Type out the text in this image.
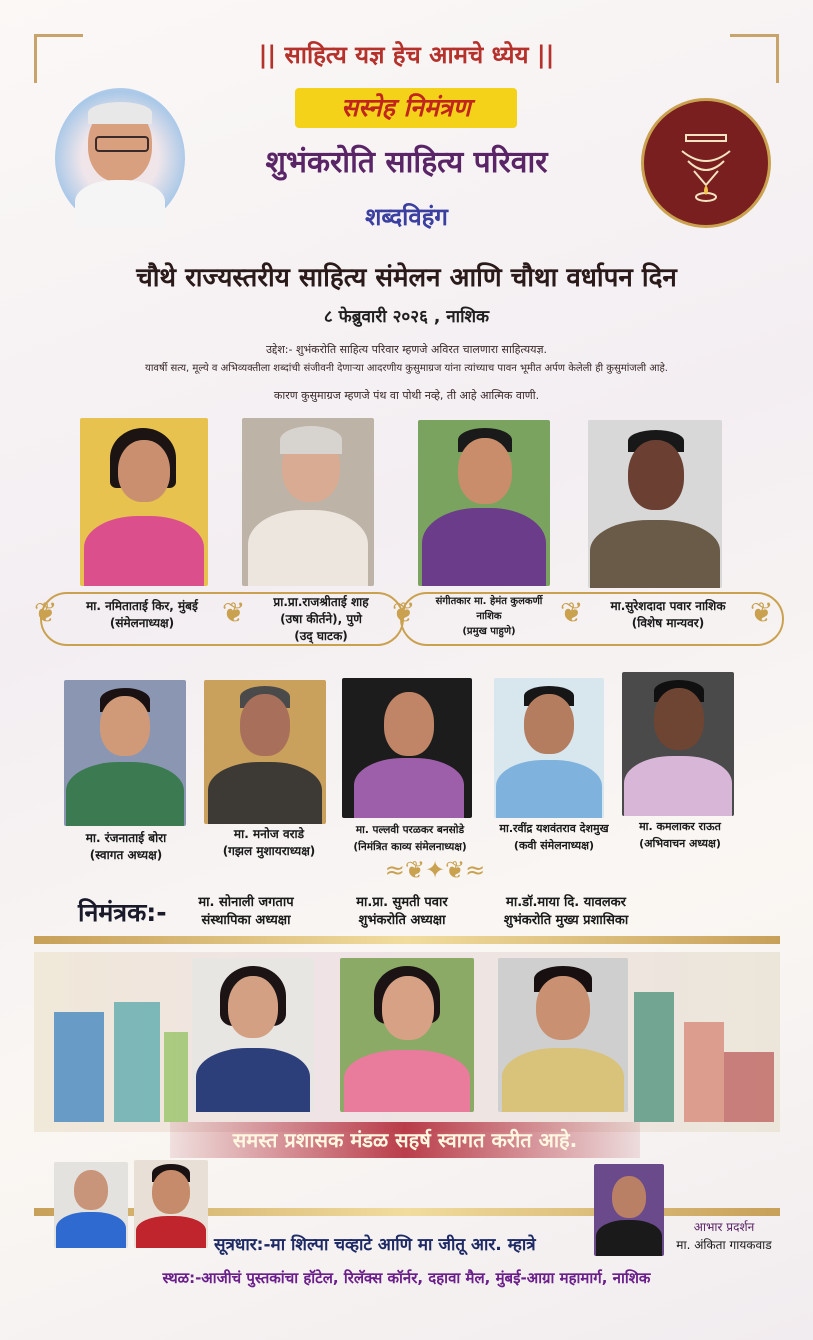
|| साहित्य यज्ञ हेच आमचे ध्येय ||
सस्नेह निमंत्रण
शुभंकरोति साहित्य परिवार
शब्दविहंग
चौथे राज्यस्तरीय साहित्य संमेलन आणि चौथा वर्धापन दिन
८ फेब्रुवारी २०२६ , नाशिक
उद्देश:- शुभंकरोति साहित्य परिवार म्हणजे अविरत चालणारा साहित्ययज्ञ.
यावर्षी सत्य, मूल्ये व अभिव्यक्तीला शब्दांची संजीवनी देणाऱ्या आदरणीय कुसुमाग्रज यांना त्यांच्याच पावन भूमीत अर्पण केलेली ही कुसुमांजली आहे.
कारण कुसुमाग्रज म्हणजे पंथ वा पोथी नव्हे, ती आहे आत्मिक वाणी.
❦	❦	❦	❦	❦
मा. नमिताताई किर, मुंबई
(संमेलनाध्यक्ष)
प्रा.प्रा.राजश्रीताई शाह
(उषा कीर्तने), पुणे
(उद् घाटक)
संगीतकार मा. हेमंत कुलकर्णी
नाशिक
(प्रमुख पाहुणे)
मा.सुरेशदादा पवार नाशिक
(विशेष मान्यवर)
मा. रंजनाताई बोरा
(स्वागत अध्यक्ष)
मा. मनोज वराडे
(गझल मुशायराध्यक्ष)
मा. पल्लवी परळकर बनसोडे
(निमंत्रित काव्य संमेलनाध्यक्ष)
मा.रवींद्र यशवंतराव देशमुख
(कवी संमेलनाध्यक्ष)
मा. कमलाकर राऊत
(अभिवाचन अध्यक्ष)
≈❦✦❦≈
निमंत्रक:-	मा. सोनाली जगताप
संस्थापिका अध्यक्षा
मा.प्रा. सुमती पवार
शुभंकरोति अध्यक्षा
मा.डॉ.माया दि. यावलकर
शुभंकरोति मुख्य प्रशासिका
समस्त प्रशासक मंडळ सहर्ष स्वागत करीत आहे.
सूत्रधार:-मा शिल्पा चव्हाटे आणि मा जीतू आर. म्हात्रे
आभार प्रदर्शन
मा. अंकिता गायकवाड
स्थळ:-आजीचं पुस्तकांचा हॉटेल, रिलॅक्स कॉर्नर, दहावा मैल, मुंबई-आग्रा महामार्ग, नाशिक
